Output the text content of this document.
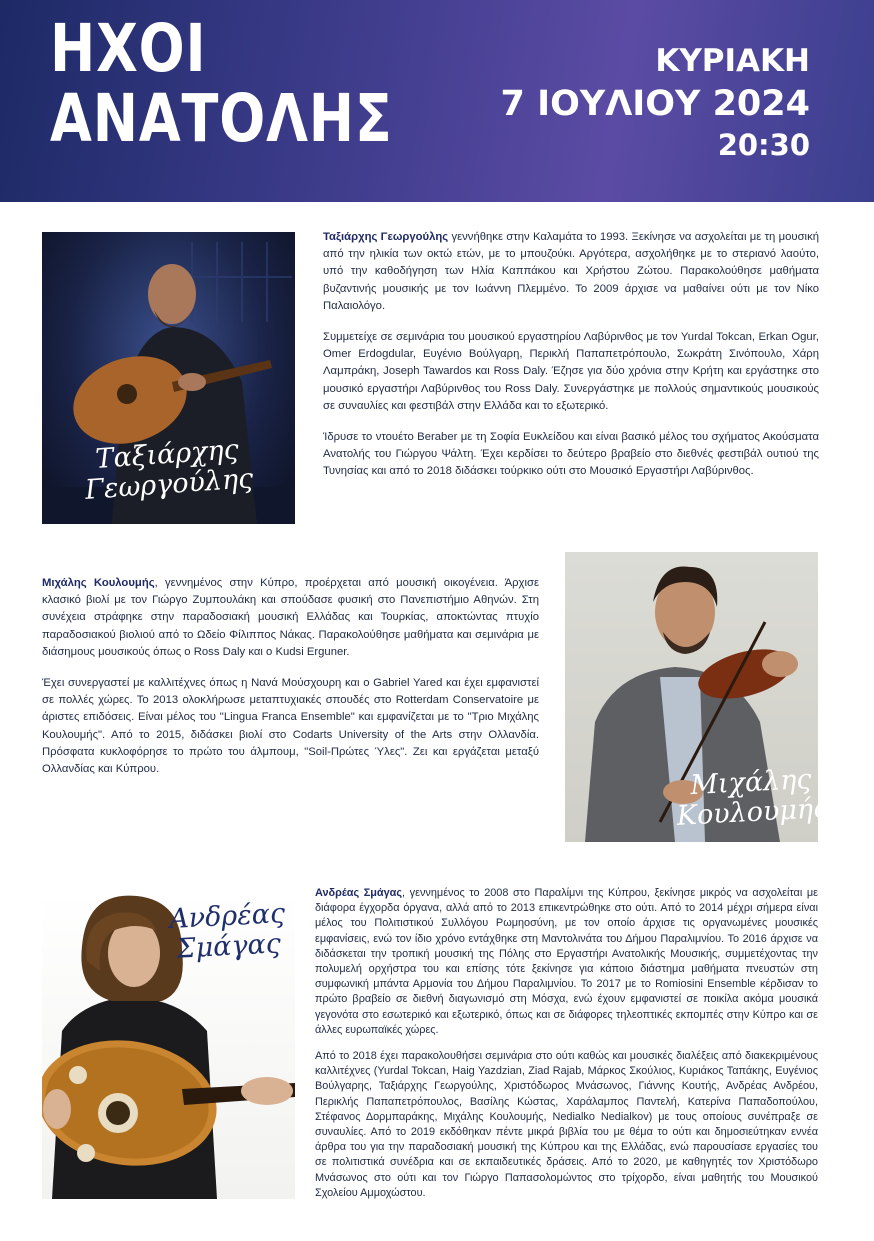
ΗΧΟΙ
ΑΝΑΤΟΛΗΣ
ΚΥΡΙΑΚΗ
7 ΙΟΥΛΙΟΥ 2024
20:30
Ταξιάρχης
Γεωργούλης

Ταξιάρχης Γεωργούλης γεννήθηκε στην Καλαμάτα το 1993. Ξεκίνησε να ασχολείται με τη μουσική από την ηλικία των οκτώ ετών, με το μπουζούκι. Αργότερα, ασχολήθηκε με το στεριανό λαούτο, υπό την καθοδήγηση των Ηλία Καππάκου και Χρήστου Ζώτου. Παρακολούθησε μαθήματα βυζαντινής μουσικής με τον Ιωάννη Πλεμμένο. Το 2009 άρχισε να μαθαίνει ούτι με τον Νίκο Παλαιολόγο.

Συμμετείχε σε σεμινάρια του μουσικού εργαστηρίου Λαβύρινθος με τον Yurdal Tokcan, Erkan Ogur, Omer Erdogdular, Ευγένιο Βούλγαρη, Περικλή Παπαπετρόπουλο, Σωκράτη Σινόπουλο, Χάρη Λαμπράκη, Joseph Tawardos και Ross Daly. Έζησε για δύο χρόνια στην Κρήτη και εργάστηκε στο μουσικό εργαστήρι Λαβύρινθος του Ross Daly. Συνεργάστηκε με πολλούς σημαντικούς μουσικούς σε συναυλίες και φεστιβάλ στην Ελλάδα και το εξωτερικό.

Ίδρυσε το ντουέτο Beraber με τη Σοφία Ευκλείδου και είναι βασικό μέλος του σχήματος Ακούσματα Ανατολής του Γιώργου Ψάλτη. Έχει κερδίσει το δεύτερο βραβείο στο διεθνές φεστιβάλ ουτιού της Τυνησίας και από το 2018 διδάσκει τούρκικο ούτι στο Μουσικό Εργαστήρι Λαβύρινθος.

Μιχάλης Κουλουμής, γεννημένος στην Κύπρο, προέρχεται από μουσική οικογένεια. Άρχισε κλασικό βιολί με τον Γιώργο Ζυμπουλάκη και σπούδασε φυσική στο Πανεπιστήμιο Αθηνών. Στη συνέχεια στράφηκε στην παραδοσιακή μουσική Ελλάδας και Τουρκίας, αποκτώντας πτυχίο παραδοσιακού βιολιού από το Ωδείο Φίλιππος Νάκας. Παρακολούθησε μαθήματα και σεμινάρια με διάσημους μουσικούς όπως ο Ross Daly και ο Kudsi Erguner.

Έχει συνεργαστεί με καλλιτέχνες όπως η Νανά Μούσχουρη και ο Gabriel Yared και έχει εμφανιστεί σε πολλές χώρες. Το 2013 ολοκλήρωσε μεταπτυχιακές σπουδές στο Rotterdam Conservatoire με άριστες επιδόσεις. Είναι μέλος του "Lingua Franca Ensemble" και εμφανίζεται με το "Τριο Μιχάλης Κουλουμής". Από το 2015, διδάσκει βιολί στο Codarts University of the Arts στην Ολλανδία. Πρόσφατα κυκλοφόρησε το πρώτο του άλμπουμ, "Soil-Πρώτες Ύλες". Ζει και εργάζεται μεταξύ Ολλανδίας και Κύπρου.	Μιχάλης
Κουλουμής
Ανδρέας
Σμάγας

Ανδρέας Σμάγας, γεννημένος το 2008 στο Παραλίμνι της Κύπρου, ξεκίνησε μικρός να ασχολείται με διάφορα έγχορδα όργανα, αλλά από το 2013 επικεντρώθηκε στο ούτι. Από το 2014 μέχρι σήμερα είναι μέλος του Πολιτιστικού Συλλόγου Ρωμηοσύνη, με τον οποίο άρχισε τις οργανωμένες μουσικές εμφανίσεις, ενώ τον ίδιο χρόνο εντάχθηκε στη Μαντολινάτα του Δήμου Παραλιμνίου. Το 2016 άρχισε να διδάσκεται την τροπική μουσική της Πόλης στο Εργαστήρι Ανατολικής Μουσικής, συμμετέχοντας την πολυμελή ορχήστρα του και επίσης τότε ξεκίνησε για κάποιο διάστημα μαθήματα πνευστών στη συμφωνική μπάντα Αρμονία του Δήμου Παραλιμνίου. Το 2017 με το Romiosini Ensemble κέρδισαν το πρώτο βραβείο σε διεθνή διαγωνισμό στη Μόσχα, ενώ έχουν εμφανιστεί σε ποικίλα ακόμα μουσικά γεγονότα στο εσωτερικό και εξωτερικό, όπως και σε διάφορες τηλεοπτικές εκπομπές στην Κύπρο και σε άλλες ευρωπαϊκές χώρες.

Από το 2018 έχει παρακολουθήσει σεμινάρια στο ούτι καθώς και μουσικές διαλέξεις από διακεκριμένους καλλιτέχνες (Yurdal Tokcan, Haig Yazdzian, Ziad Rajab, Μάρκος Σκούλιος, Κυριάκος Ταπάκης, Ευγένιος Βούλγαρης, Ταξιάρχης Γεωργούλης, Χριστόδωρος Μνάσωνος, Γιάννης Κουτής, Ανδρέας Ανδρέου, Περικλής Παπαπετρόπουλος, Βασίλης Κώστας, Χαράλαμπος Παντελή, Κατερίνα Παπαδοπούλου, Στέφανος Δορμπαράκης, Μιχάλης Κουλουμής, Nedialko Nedialkov) με τους οποίους συνέπραξε σε συναυλίες. Από το 2019 εκδόθηκαν πέντε μικρά βιβλία του με θέμα το ούτι και δημοσιεύτηκαν εννέα άρθρα του για την παραδοσιακή μουσική της Κύπρου και της Ελλάδας, ενώ παρουσίασε εργασίες του σε πολιτιστικά συνέδρια και σε εκπαιδευτικές δράσεις. Από το 2020, με καθηγητές τον Χριστόδωρο Μνάσωνος στο ούτι και τον Γιώργο Παπασολομώντος στο τρίχορδο, είναι μαθητής του Μουσικού Σχολείου Αμμοχώστου.
